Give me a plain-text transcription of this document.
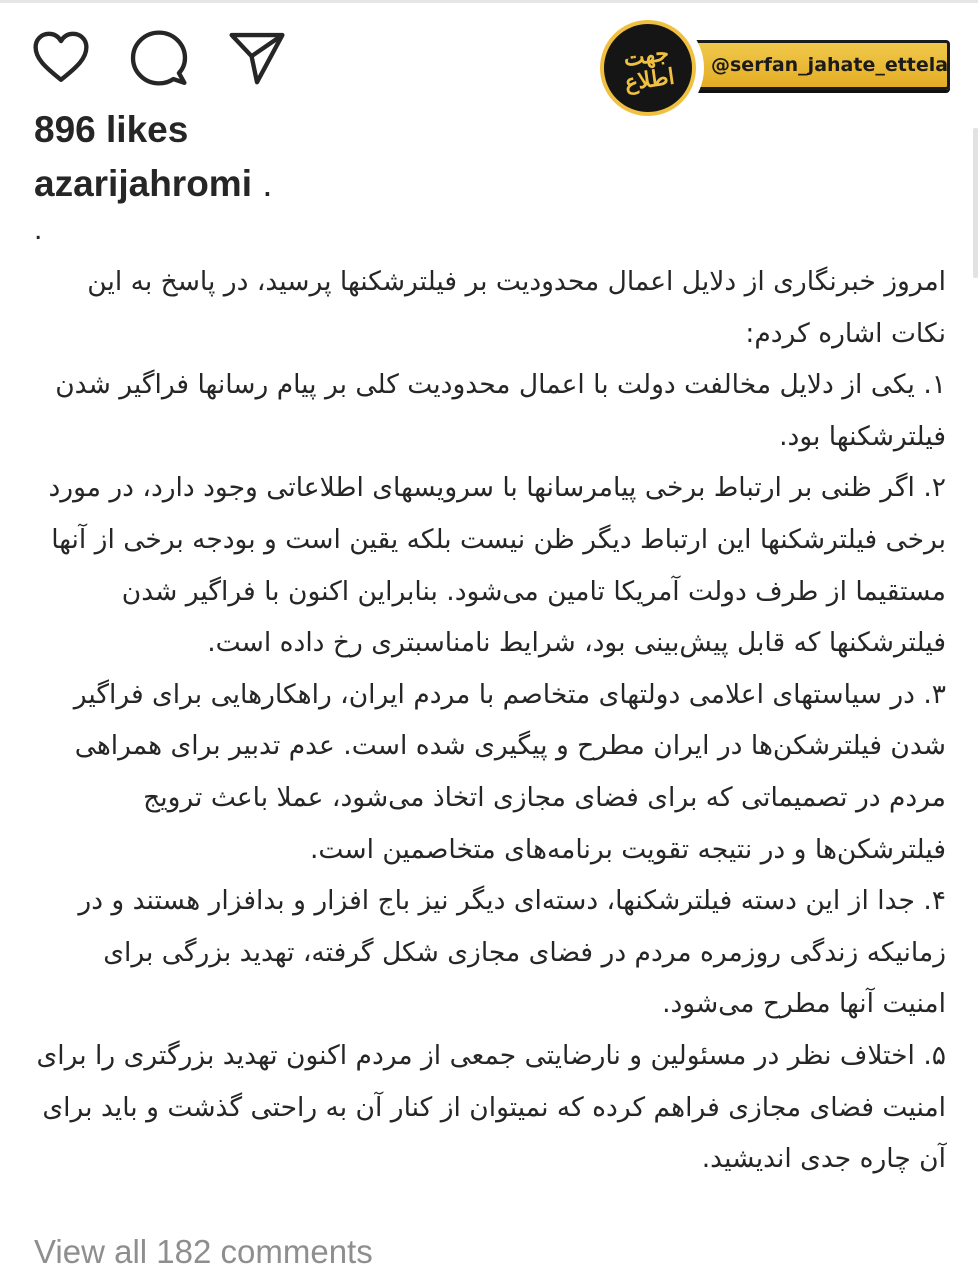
@serfan_jahate_ettela
جهت
اطلاع
896 likes
azarijahromi .
.

امروز خبرنگاری از دلایل اعمال محدودیت بر فیلترشکنها پرسید، در پاسخ به این نکات اشاره کردم:

۱. یکی از دلایل مخالفت دولت با اعمال محدودیت کلی بر پیام رسانها فراگیر شدن فیلترشکنها بود.

۲. اگر ظنی بر ارتباط برخی پیامرسانها با سرویسهای اطلاعاتی وجود دارد، در مورد برخی فیلترشکنها این ارتباط دیگر ظن نیست بلکه یقین است و بودجه برخی از آنها مستقیما از طرف دولت آمریکا تامین می‌شود. بنابراین اکنون با فراگیر شدن فیلترشکنها که قابل پیش‌بینی بود، شرایط نامناسبتری رخ داده است.

۳. در سیاستهای اعلامی دولتهای متخاصم با مردم ایران، راهکارهایی برای فراگیر شدن فیلترشکن‌ها در ایران مطرح و پیگیری شده است. عدم تدبیر برای همراهی مردم در تصمیماتی که برای فضای مجازی اتخاذ می‌شود، عملا باعث ترویج فیلترشکن‌ها و در نتیجه تقویت برنامه‌های متخاصمین است.

۴. جدا از این دسته فیلترشکنها، دسته‌ای دیگر نیز باج افزار و بدافزار هستند و در زمانیکه زندگی روزمره مردم در فضای مجازی شکل گرفته، تهدید بزرگی برای امنیت آنها مطرح می‌شود.

۵. اختلاف نظر در مسئولین و نارضایتی جمعی از مردم اکنون تهدید بزرگتری را برای امنیت فضای مجازی فراهم کرده که نمیتوان از کنار آن به راحتی گذشت و باید برای آن چاره جدی اندیشید.

View all 182 comments
